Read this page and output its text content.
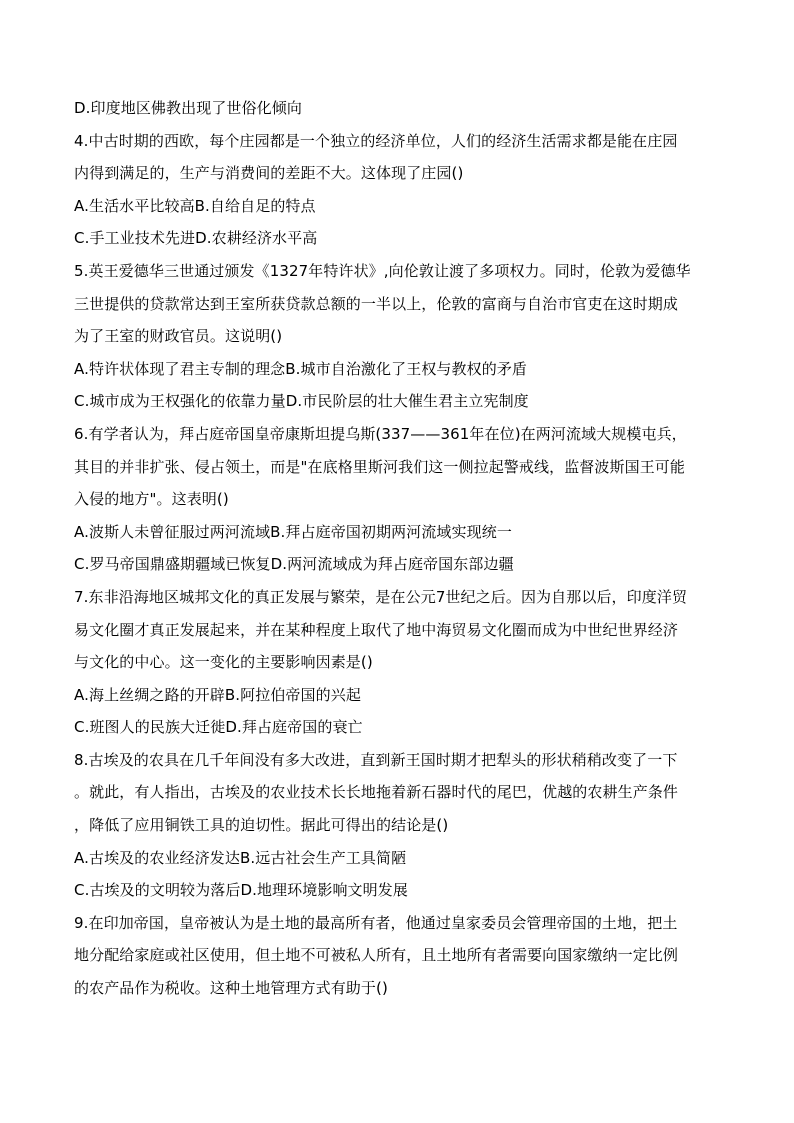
D.印度地区佛教出现了世俗化倾向
4.中古时期的西欧，每个庄园都是一个独立的经济单位，人们的经济生活需求都是能在庄园
内得到满足的，生产与消费间的差距不大。这体现了庄园()
A.生活水平比较高B.自给自足的特点
C.手工业技术先进D.农耕经济水平高
5.英王爱德华三世通过颁发《1327年特许状》,向伦敦让渡了多项权力。同时，伦敦为爱德华
三世提供的贷款常达到王室所获贷款总额的一半以上，伦敦的富商与自治市官吏在这时期成
为了王室的财政官员。这说明()
A.特许状体现了君主专制的理念B.城市自治激化了王权与教权的矛盾
C.城市成为王权强化的依靠力量D.市民阶层的壮大催生君主立宪制度
6.有学者认为，拜占庭帝国皇帝康斯坦提乌斯(337——361年在位)在两河流域大规模屯兵，
其目的并非扩张、侵占领土，而是"在底格里斯河我们这一侧拉起警戒线，监督波斯国王可能
入侵的地方"。这表明()
A.波斯人未曾征服过两河流域B.拜占庭帝国初期两河流域实现统一
C.罗马帝国鼎盛期疆域已恢复D.两河流域成为拜占庭帝国东部边疆
7.东非沿海地区城邦文化的真正发展与繁荣，是在公元7世纪之后。因为自那以后，印度洋贸
易文化圈才真正发展起来，并在某种程度上取代了地中海贸易文化圈而成为中世纪世界经济
与文化的中心。这一变化的主要影响因素是()
A.海上丝绸之路的开辟B.阿拉伯帝国的兴起
C.班图人的民族大迁徙D.拜占庭帝国的衰亡
8.古埃及的农具在几千年间没有多大改进，直到新王国时期才把犁头的形状稍稍改变了一下
。就此，有人指出，古埃及的农业技术长长地拖着新石器时代的尾巴，优越的农耕生产条件
，降低了应用铜铁工具的迫切性。据此可得出的结论是()
A.古埃及的农业经济发达B.远古社会生产工具简陋
C.古埃及的文明较为落后D.地理环境影响文明发展
9.在印加帝国，皇帝被认为是土地的最高所有者，他通过皇家委员会管理帝国的土地，把土
地分配给家庭或社区使用，但土地不可被私人所有，且土地所有者需要向国家缴纳一定比例
的农产品作为税收。这种土地管理方式有助于()
